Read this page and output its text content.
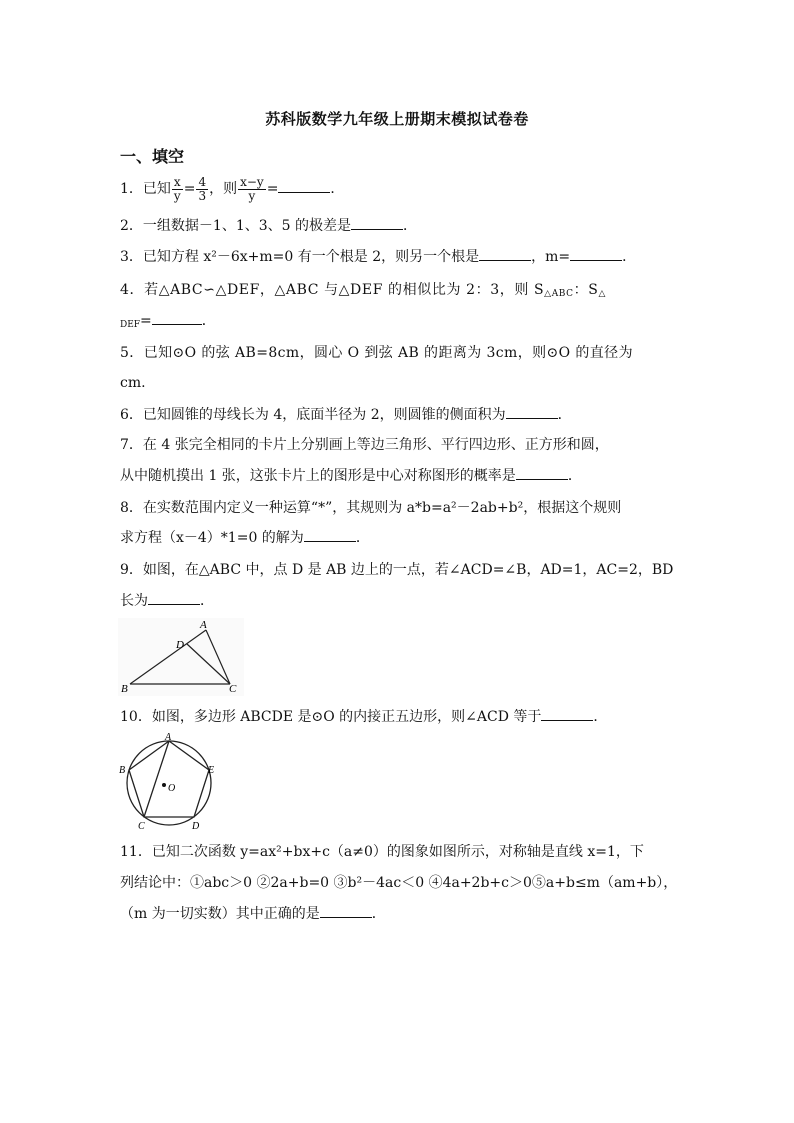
苏科版数学九年级上册期末模拟试卷卷
一、填空
1．已知 $\frac{x}{y} = \frac{4}{3}$ ，则 $\frac{x-y}{y}$ =	．
2．一组数据－1、1、3、5 的极差是	．
3．已知方程 x²－6x+m=0 有一个根是 2，则另一个根是	，m=	．
4．若△ABC∽△DEF，△ABC 与△DEF 的相似比为 2：3，则 $S_{\triangle ABC}$：$S_\triangle$
$_{DEF}$=	．
5．已知⊙O 的弦 AB=8cm，圆心 O 到弦 AB 的距离为 3cm，则⊙O 的直径为
cm.
6．已知圆锥的母线长为 4，底面半径为 2，则圆锥的侧面积为	．
7．在 4 张完全相同的卡片上分别画上等边三角形、平行四边形、正方形和圆，
从中随机摸出 1 张，这张卡片上的图形是中心对称图形的概率是	．
8．在实数范围内定义一种运算“*”，其规则为 a*b=a²－2ab+b²，根据这个规则
求方程（x－4）*1=0 的解为	．
9．如图，在△ABC 中，点 D 是 AB 边上的一点，若∠ACD=∠B，AD=1，AC=2，BD
长为	．
A
D
B	C
10．如图，多边形 ABCDE 是⊙O 的内接正五边形，则∠ACD 等于	．
A
B
C	D
E
O
11．已知二次函数 y=ax²+bx+c（a≠0）的图象如图所示，对称轴是直线 x=1，下
列结论中：①abc＞0 ②2a+b=0 ③b²－4ac＜0 ④4a+2b+c＞0⑤a+b≤m（am+b），
（m 为一切实数）其中正确的是	．
